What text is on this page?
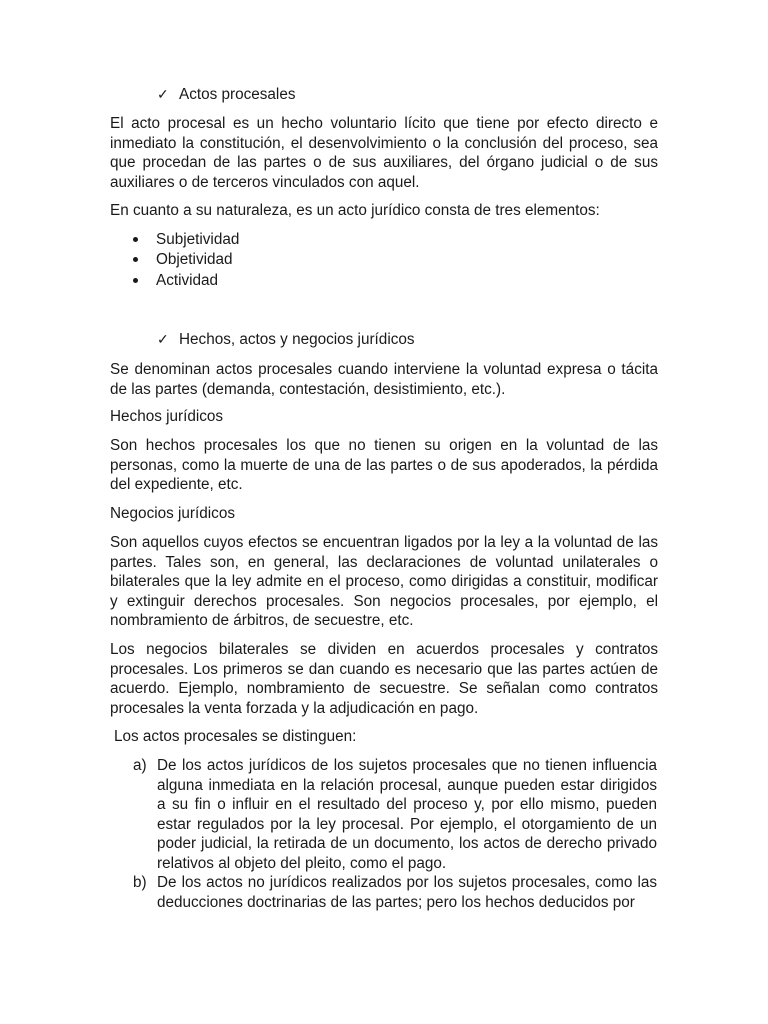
✓ Actos procesales

El acto procesal es un hecho voluntario lícito que tiene por efecto directo e inmediato la constitución, el desenvolvimiento o la conclusión del proceso, sea que procedan de las partes o de sus auxiliares, del órgano judicial o de sus auxiliares o de terceros vinculados con aquel.

En cuanto a su naturaleza, es un acto jurídico consta de tres elementos:

Subjetividad
Objetividad
Actividad
✓ Hechos, actos y negocios jurídicos

Se denominan actos procesales cuando interviene la voluntad expresa o tácita de las partes (demanda, contestación, desistimiento, etc.).

Hechos jurídicos

Son hechos procesales los que no tienen su origen en la voluntad de las personas, como la muerte de una de las partes o de sus apoderados, la pérdida del expediente, etc.

Negocios jurídicos

Son aquellos cuyos efectos se encuentran ligados por la ley a la voluntad de las partes. Tales son, en general, las declaraciones de voluntad unilaterales o bilaterales que la ley admite en el proceso, como dirigidas a constituir, modificar y extinguir derechos procesales. Son negocios procesales, por ejemplo, el nombramiento de árbitros, de secuestre, etc.

Los negocios bilaterales se dividen en acuerdos procesales y contratos procesales. Los primeros se dan cuando es necesario que las partes actúen de acuerdo. Ejemplo, nombramiento de secuestre. Se señalan como contratos procesales la venta forzada y la adjudicación en pago.

Los actos procesales se distinguen:

a) De los actos jurídicos de los sujetos procesales que no tienen influencia alguna inmediata en la relación procesal, aunque pueden estar dirigidos a su fin o influir en el resultado del proceso y, por ello mismo, pueden estar regulados por la ley procesal. Por ejemplo, el otorgamiento de un poder judicial, la retirada de un documento, los actos de derecho privado relativos al objeto del pleito, como el pago.
b) De los actos no jurídicos realizados por los sujetos procesales, como las deducciones doctrinarias de las partes; pero los hechos deducidos por
